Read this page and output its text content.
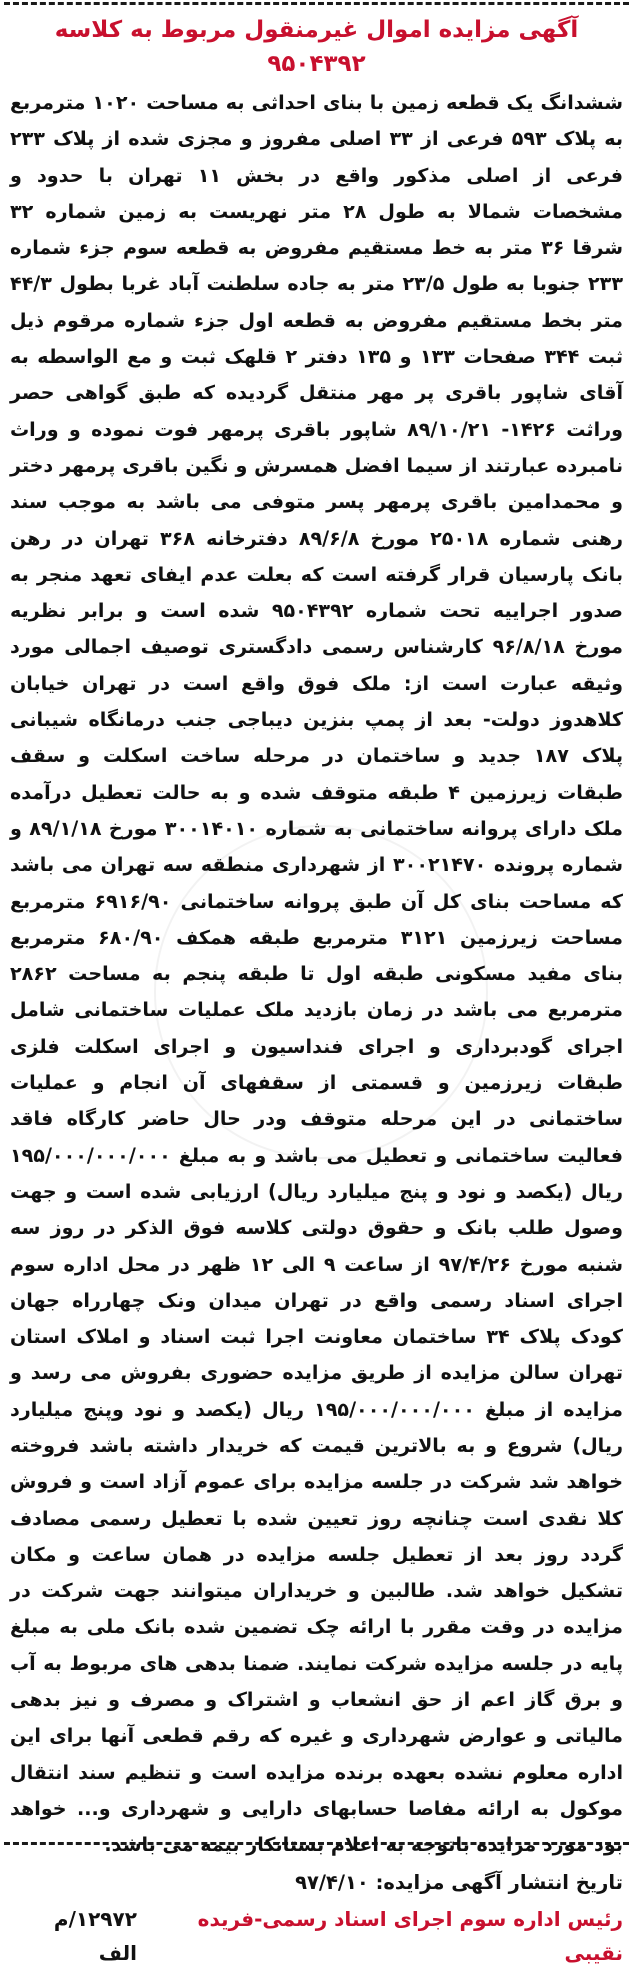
آگهی مزایده اموال غیرمنقول مربوط به کلاسه ۹۵۰۴۳۹۲

ششدانگ یک قطعه زمین با بنای احداثی به مساحت ۱۰۲۰ مترمربع به پلاک ۵۹۳ فرعی از ۳۳ اصلی مفروز و مجزی شده از پلاک ۲۳۳ فرعی از اصلی مذکور واقع در بخش ۱۱ تهران با حدود و مشخصات شمالا به طول ۲۸ متر نهریست به زمین شماره ۳۲ شرقا ۳۶ متر به خط مستقیم مفروض به قطعه سوم جزء شماره ۲۳۳ جنوبا به طول ۲۳/۵ متر به جاده سلطنت آباد غربا بطول ۴۴/۳ متر بخط مستقیم مفروض به قطعه اول جزء شماره مرقوم ذیل ثبت ۳۴۴ صفحات ۱۳۳ و ۱۳۵ دفتر ۲ قلهک ثبت و مع الواسطه به آقای شاپور باقری پر مهر منتقل گردیده که طبق گواهی حصر وراثت ۱۴۲۶- ۸۹/۱۰/۲۱ شاپور باقری پرمهر فوت نموده و وراث نامبرده عبارتند از سیما افضل همسرش و نگین باقری پرمهر دختر و محمدامین باقری پرمهر پسر متوفی می باشد به موجب سند رهنی شماره ۲۵۰۱۸ مورخ ۸۹/۶/۸ دفترخانه ۳۶۸ تهران در رهن بانک پارسیان قرار گرفته است که بعلت عدم ایفای تعهد منجر به صدور اجراییه تحت شماره ۹۵۰۴۳۹۲ شده است و برابر نظریه مورخ ۹۶/۸/۱۸ کارشناس رسمی دادگستری توصیف اجمالی مورد وثیقه عبارت است از: ملک فوق واقع است در تهران خیابان کلاهدوز دولت- بعد از پمپ بنزین دیباجی جنب درمانگاه شیبانی پلاک ۱۸۷ جدید و ساختمان در مرحله ساخت اسکلت و سقف طبقات زیرزمین ۴ طبقه متوقف شده و به حالت تعطیل درآمده ملک دارای پروانه ساختمانی به شماره ۳۰۰۱۴۰۱۰ مورخ ۸۹/۱/۱۸ و شماره پرونده ۳۰۰۲۱۴۷۰ از شهرداری منطقه سه تهران می باشد که مساحت بنای کل آن طبق پروانه ساختمانی ۶۹۱۶/۹۰ مترمربع مساحت زیرزمین ۳۱۲۱ مترمربع طبقه همکف ۶۸۰/۹۰ مترمربع بنای مفید مسکونی طبقه اول تا طبقه پنجم به مساحت ۲۸۶۲ مترمربع می باشد در زمان بازدید ملک عملیات ساختمانی شامل اجرای گودبرداری و اجرای فنداسیون و اجرای اسکلت فلزی طبقات زیرزمین و قسمتی از سقفهای آن انجام و عملیات ساختمانی در این مرحله متوقف ودر حال حاضر کارگاه فاقد فعالیت ساختمانی و تعطیل می باشد و به مبلغ ۱۹۵/۰۰۰/۰۰۰/۰۰۰ ریال (یکصد و نود و پنج میلیارد ریال) ارزیابی شده است و جهت وصول طلب بانک و حقوق دولتی کلاسه فوق الذکر در روز سه شنبه مورخ ۹۷/۴/۲۶ از ساعت ۹ الی ۱۲ ظهر در محل اداره سوم اجرای اسناد رسمی واقع در تهران میدان ونک چهارراه جهان کودک پلاک ۳۴ ساختمان معاونت اجرا ثبت اسناد و املاک استان تهران سالن مزایده از طریق مزایده حضوری بفروش می رسد و مزایده از مبلغ ۱۹۵/۰۰۰/۰۰۰/۰۰۰ ریال (یکصد و نود وپنج میلیارد ریال) شروع و به بالاترین قیمت که خریدار داشته باشد فروخته خواهد شد شرکت در جلسه مزایده برای عموم آزاد است و فروش کلا نقدی است چنانچه روز تعیین شده با تعطیل رسمی مصادف گردد روز بعد از تعطیل جلسه مزایده در همان ساعت و مکان تشکیل خواهد شد. طالبین و خریداران میتوانند جهت شرکت در مزایده در وقت مقرر با ارائه چک تضمین شده بانک ملی به مبلغ پایه در جلسه مزایده شرکت نمایند. ضمنا بدهی های مربوط به آب و برق گاز اعم از حق انشعاب و اشتراک و مصرف و نیز بدهی مالیاتی و عوارض شهرداری و غیره که رقم قطعی آنها برای این اداره معلوم نشده بعهده برنده مزایده است و تنظیم سند انتقال موکول به ارائه مفاصا حسابهای دارایی و شهرداری و... خواهد بود مورد مزایده باتوجه به اعلام بستانکار بیمه می باشد.

تاریخ انتشار آگهی مزایده: ۹۷/۴/۱۰
رئیس اداره سوم اجرای اسناد رسمی-فریده نقیبی
۱۲۹۷۲/م الف
